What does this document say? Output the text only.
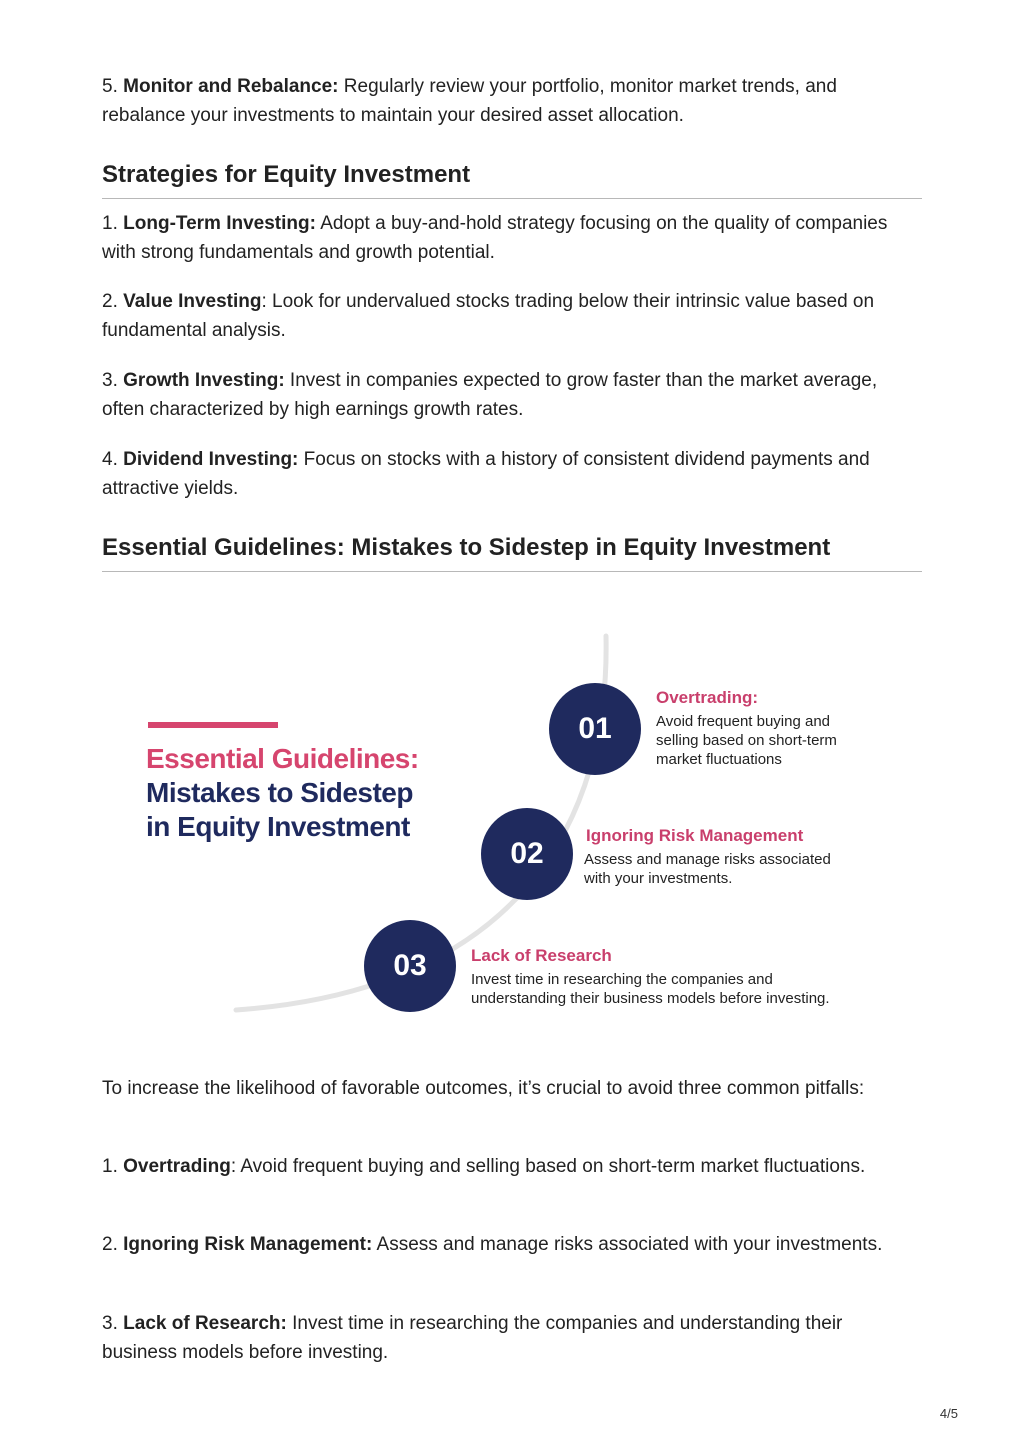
5. Monitor and Rebalance: Regularly review your portfolio, monitor market trends, and rebalance your investments to maintain your desired asset allocation.

Strategies for Equity Investment

1. Long-Term Investing: Adopt a buy-and-hold strategy focusing on the quality of companies with strong fundamentals and growth potential.

2. Value Investing: Look for undervalued stocks trading below their intrinsic value based on fundamental analysis.

3. Growth Investing: Invest in companies expected to grow faster than the market average, often characterized by high earnings growth rates.

4. Dividend Investing: Focus on stocks with a history of consistent dividend payments and attractive yields.

Essential Guidelines: Mistakes to Sidestep in Equity Investment

To increase the likelihood of favorable outcomes, it’s crucial to avoid three common pitfalls:

1. Overtrading: Avoid frequent buying and selling based on short-term market fluctuations.

2. Ignoring Risk Management: Assess and manage risks associated with your investments.

3. Lack of Research: Invest time in researching the companies and understanding their business models before investing.

Essential Guidelines:
Mistakes to Sidestep
in Equity Investment
01
Overtrading:
Avoid frequent buying and selling based on short-term market fluctuations
02
Ignoring Risk Management
Assess and manage risks associated with your investments.
03	Lack of Research
Invest time in researching the companies and understanding their business models before investing.
4/5
